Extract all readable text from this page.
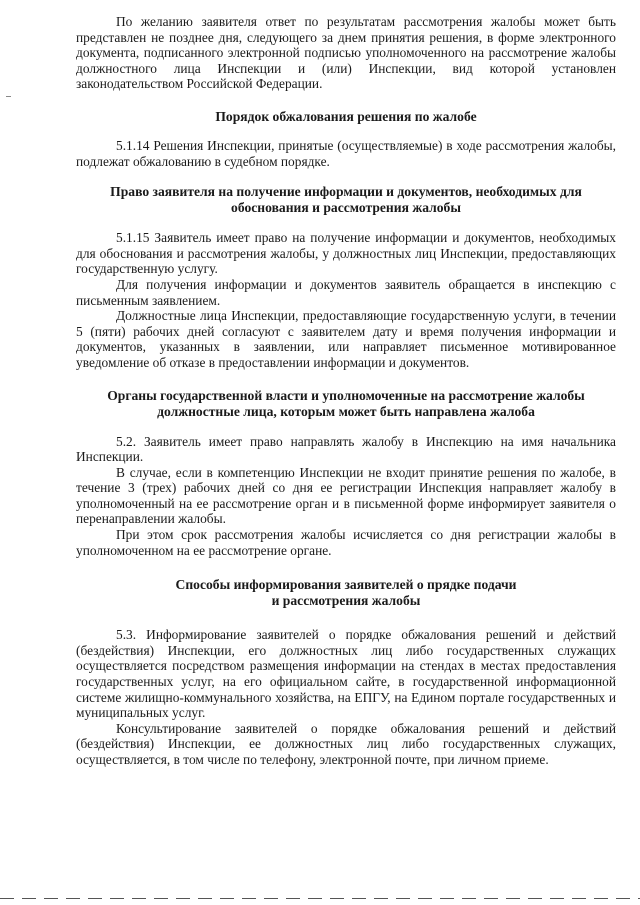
По желанию заявителя ответ по результатам рассмотрения жалобы может быть представлен не позднее дня, следующего за днем принятия решения, в форме электронного документа, подписанного электронной подписью уполномоченного на рассмотрение жалобы должностного лица Инспекции и (или) Инспекции, вид которой установлен законодательством Российской Федерации.

Порядок обжалования решения по жалобе

5.1.14 Решения Инспекции, принятые (осуществляемые) в ходе рассмотрения жалобы, подлежат обжалованию в судебном порядке.

Право заявителя на получение информации и документов, необходимых для обоснования и рассмотрения жалобы

5.1.15 Заявитель имеет право на получение информации и документов, необходимых для обоснования и рассмотрения жалобы, у должностных лиц Инспекции, предоставляющих государственную услугу.

Для получения информации и документов заявитель обращается в инспекцию с письменным заявлением.

Должностные лица Инспекции, предоставляющие государственную услуги, в течении 5 (пяти) рабочих дней согласуют с заявителем дату и время получения информации и документов, указанных в заявлении, или направляет письменное мотивированное уведомление об отказе в предоставлении информации и документов.

Органы государственной власти и уполномоченные на рассмотрение жалобы должностные лица, которым может быть направлена жалоба

5.2. Заявитель имеет право направлять жалобу в Инспекцию на имя начальника Инспекции.

В случае, если в компетенцию Инспекции не входит принятие решения по жалобе, в течение 3 (трех) рабочих дней со дня ее регистрации Инспекция направляет жалобу в уполномоченный на ее рассмотрение орган и в письменной форме информирует заявителя о перенаправлении жалобы.

При этом срок рассмотрения жалобы исчисляется со дня регистрации жалобы в уполномоченном на ее рассмотрение органе.

Способы информирования заявителей о прядке подачи
и рассмотрения жалобы

5.3. Информирование заявителей о порядке обжалования решений и действий (бездействия) Инспекции, его должностных лиц либо государственных служащих осуществляется посредством размещения информации на стендах в местах предоставления государственных услуг, на его официальном сайте, в государственной информационной системе жилищно-коммунального хозяйства, на ЕПГУ, на Едином портале государственных и муниципальных услуг.

Консультирование заявителей о порядке обжалования решений и действий (бездействия) Инспекции, ее должностных лиц либо государственных служащих, осуществляется, в том числе по телефону, электронной почте, при личном приеме.
